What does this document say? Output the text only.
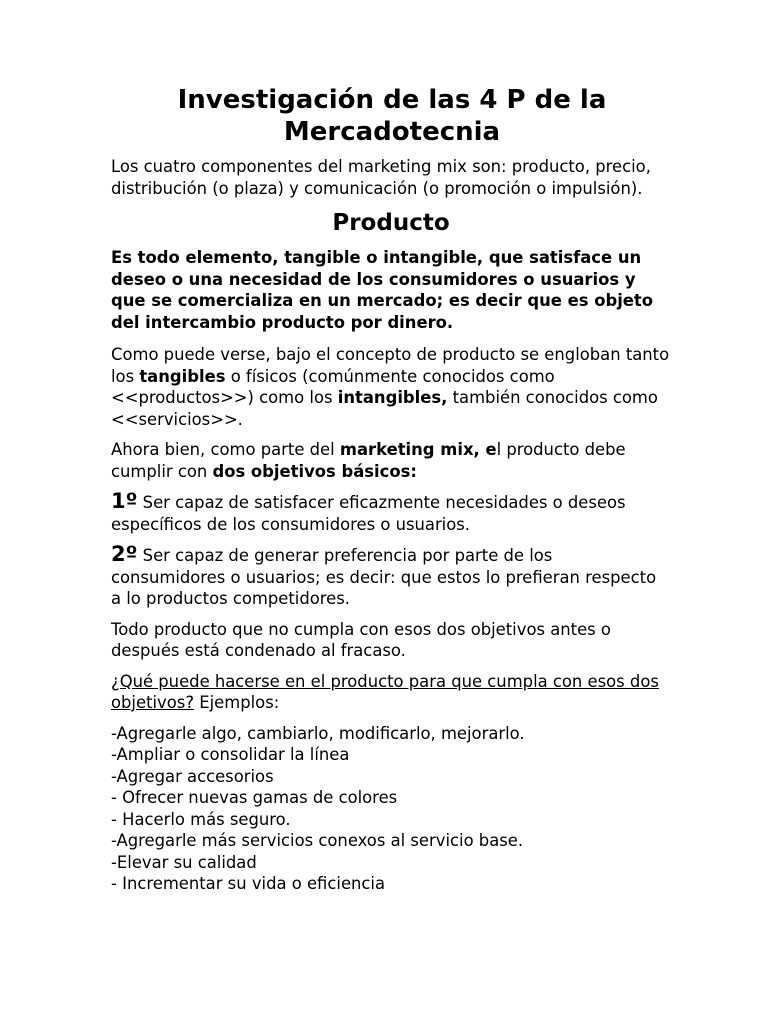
Investigación de las 4 P de la Mercadotecnia

Los cuatro componentes del marketing mix son: producto, precio, distribución (o plaza) y comunicación (o promoción o impulsión).

Producto

Es todo elemento, tangible o intangible, que satisface un deseo o una necesidad de los consumidores o usuarios y que se comercializa en un mercado; es decir que es objeto del intercambio producto por dinero.

Como puede verse, bajo el concepto de producto se engloban tanto los tangibles o físicos (comúnmente conocidos como <<productos>>) como los intangibles, también conocidos como <<servicios>>.

Ahora bien, como parte del marketing mix, el producto debe cumplir con dos objetivos básicos:

1º Ser capaz de satisfacer eficazmente necesidades o deseos específicos de los consumidores o usuarios.

2º Ser capaz de generar preferencia por parte de los consumidores o usuarios; es decir: que estos lo prefieran respecto a lo productos competidores.

Todo producto que no cumpla con esos dos objetivos antes o después está condenado al fracaso.

¿Qué puede hacerse en el producto para que cumpla con esos dos objetivos? Ejemplos:

-Agregarle algo, cambiarlo, modificarlo, mejorarlo.
-Ampliar o consolidar la línea
-Agregar accesorios
- Ofrecer nuevas gamas de colores
- Hacerlo más seguro.
-Agregarle más servicios conexos al servicio base.
-Elevar su calidad
- Incrementar su vida o eficiencia
